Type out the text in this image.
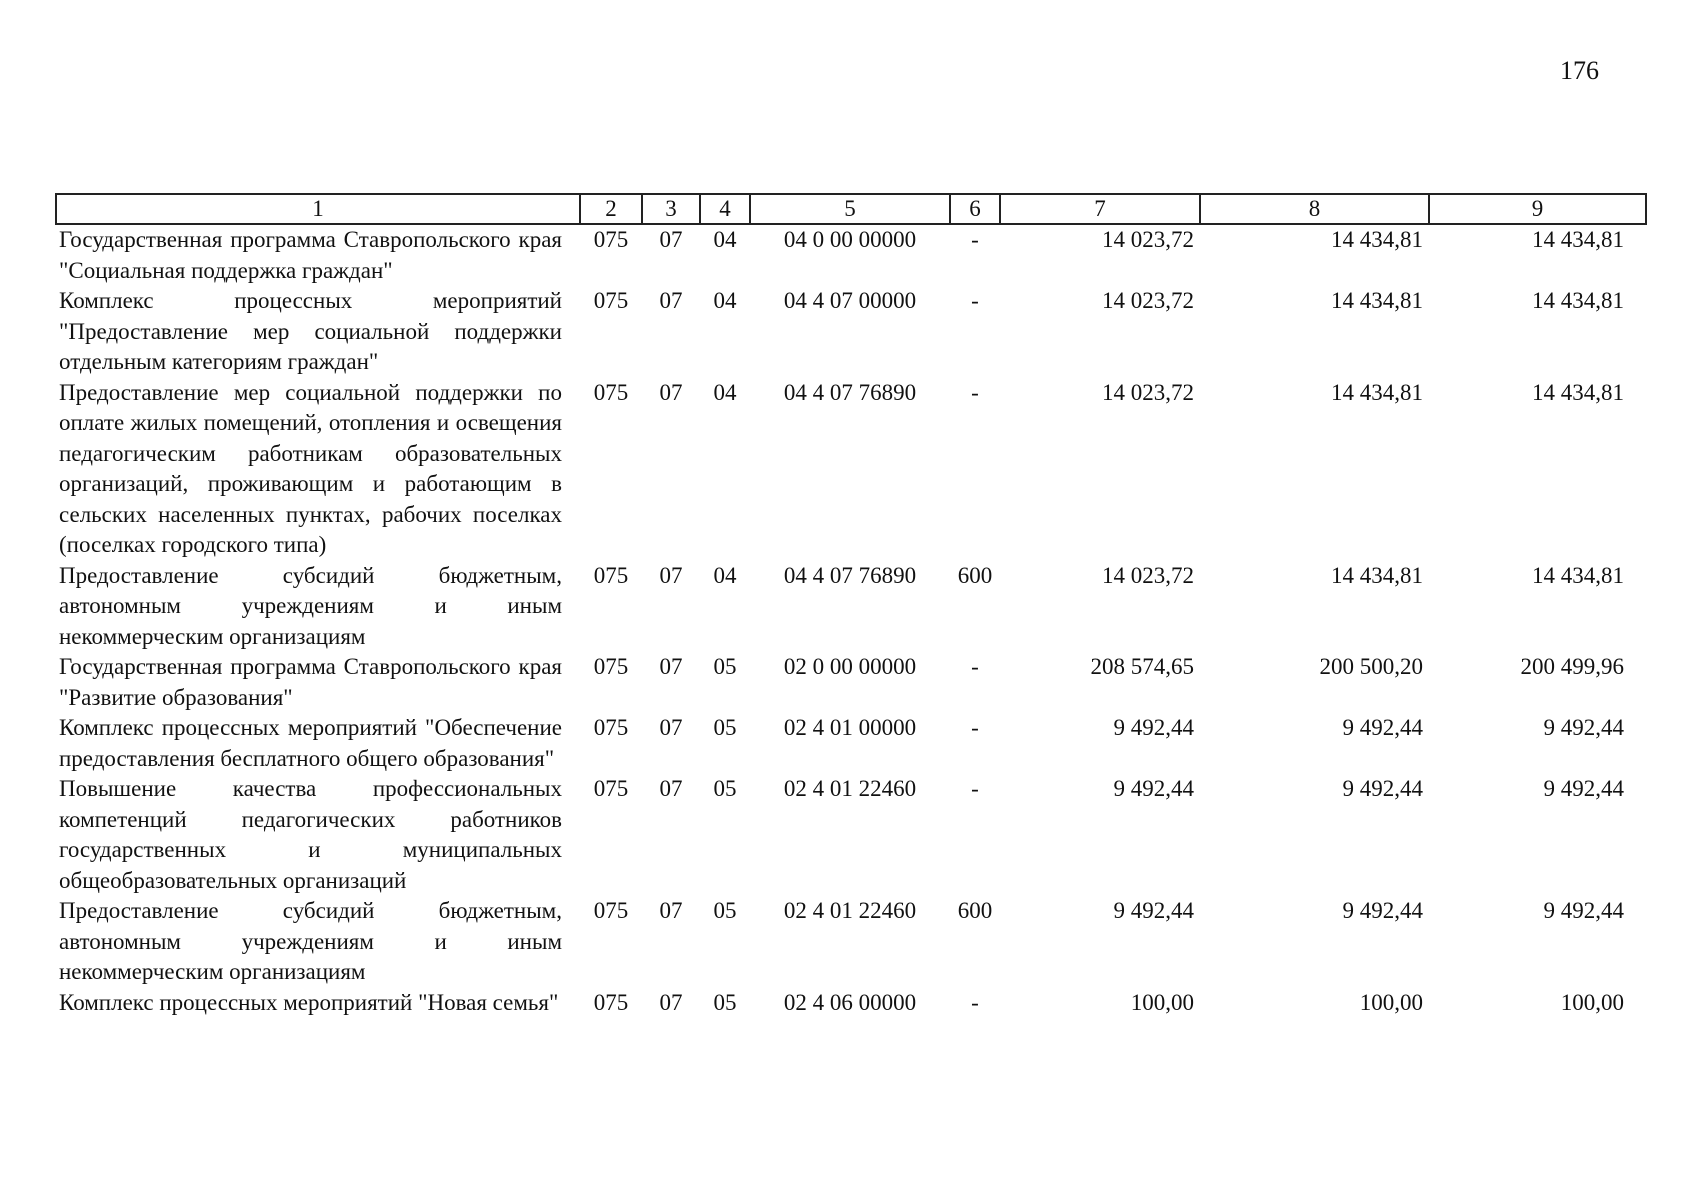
176
1	2	3	4	5	6	7	8	9
Государственная программа Ставропольского края "Социальная поддержка граждан"	075	07	04	04 0 00 00000	-	14 023,72	14 434,81	14 434,81
Комплекс процессных мероприятий "Предоставление мер социальной поддержки отдельным категориям граждан"	075	07	04	04 4 07 00000	-	14 023,72	14 434,81	14 434,81
Предоставление мер социальной поддержки по оплате жилых помещений, отопления и освещения педагогическим работникам образовательных организаций, проживающим и работающим в сельских населенных пунктах, рабочих поселках (поселках городского типа)	075	07	04	04 4 07 76890	-	14 023,72	14 434,81	14 434,81
Предоставление субсидий бюджетным, автономным учреждениям и иным некоммерческим организациям	075	07	04	04 4 07 76890	600	14 023,72	14 434,81	14 434,81
Государственная программа Ставропольского края "Развитие образования"	075	07	05	02 0 00 00000	-	208 574,65	200 500,20	200 499,96
Комплекс процессных мероприятий "Обеспечение предоставления бесплатного общего образования"	075	07	05	02 4 01 00000	-	9 492,44	9 492,44	9 492,44
Повышение качества профессиональных компетенций педагогических работников государственных и муниципальных общеобразовательных организаций	075	07	05	02 4 01 22460	-	9 492,44	9 492,44	9 492,44
Предоставление субсидий бюджетным, автономным учреждениям и иным некоммерческим организациям	075	07	05	02 4 01 22460	600	9 492,44	9 492,44	9 492,44
Комплекс процессных мероприятий "Новая семья"	075	07	05	02 4 06 00000	-	100,00	100,00	100,00
